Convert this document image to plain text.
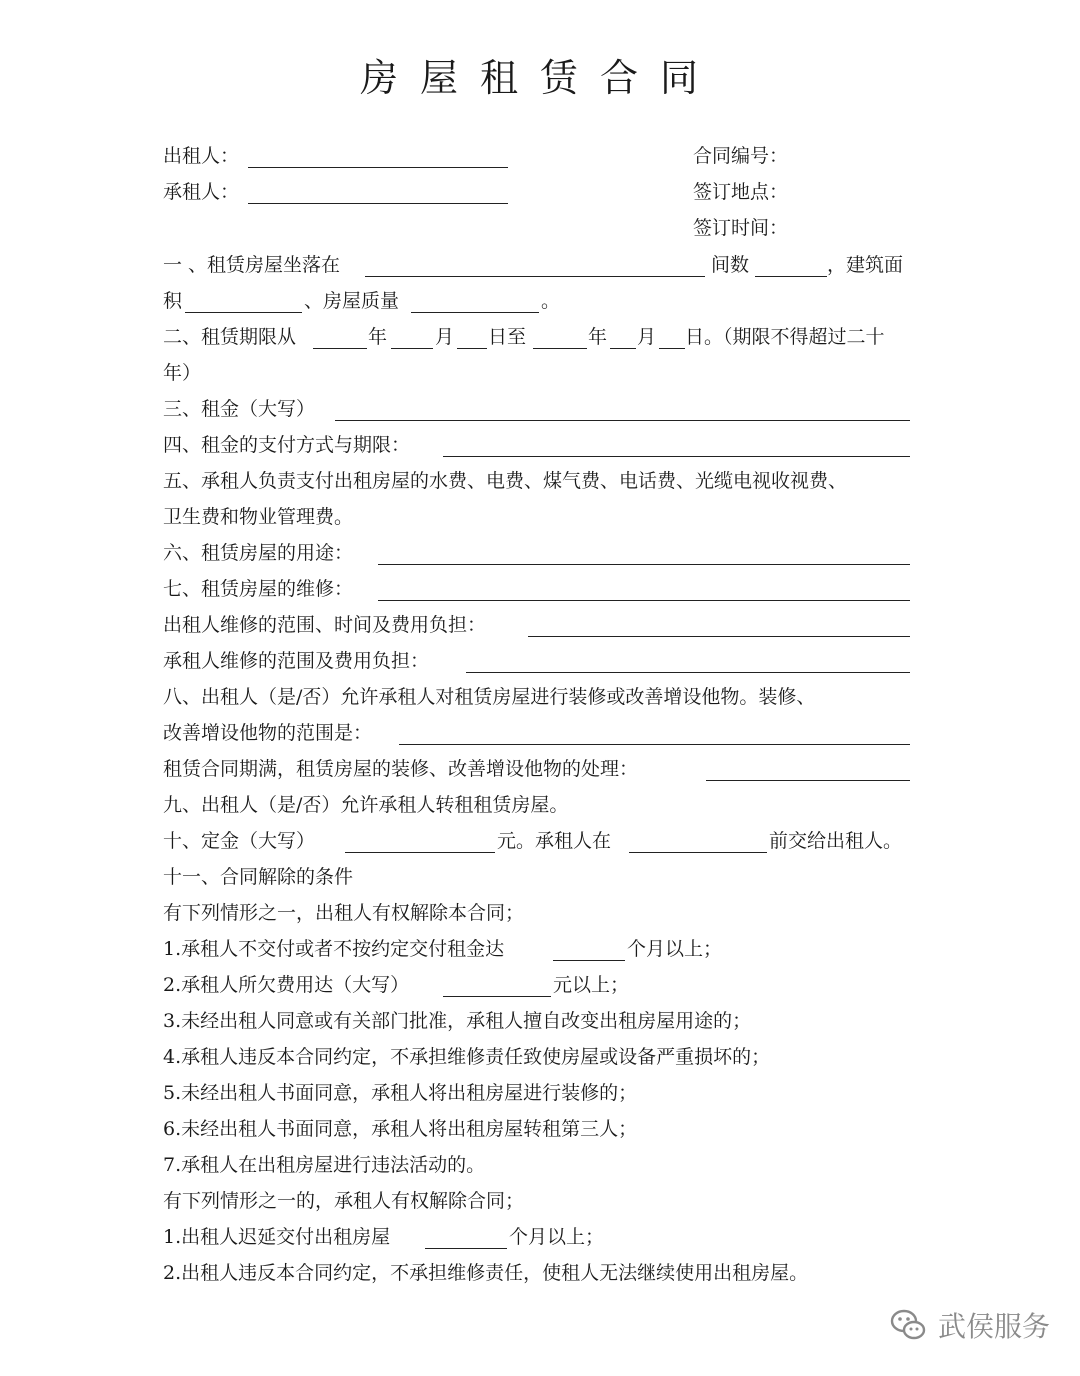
房屋租赁合同
出租人：	合同编号：
承租人：	签订地点：
签订时间：
一 、租赁房屋坐落在	间数	，建筑面
积	、房屋质量	。
二、租赁期限从	年	月 日至	年 月 日。（期限不得超过二十
年）
三、租金（大写）
四、租金的支付方式与期限：
五、承租人负责支付出租房屋的水费、电费、煤气费、电话费、光缆电视收视费、
卫生费和物业管理费。
六、租赁房屋的用途：
七、租赁房屋的维修：
出租人维修的范围、时间及费用负担：
承租人维修的范围及费用负担：
八、出租人（是/否）允许承租人对租赁房屋进行装修或改善增设他物。装修、
改善增设他物的范围是：
租赁合同期满，租赁房屋的装修、改善增设他物的处理：
九、出租人（是/否）允许承租人转租租赁房屋。
十、定金（大写）	元。承租人在	前交给出租人。
十一、合同解除的条件
有下列情形之一，出租人有权解除本合同；
1.承租人不交付或者不按约定交付租金达	个月以上；
2.承租人所欠费用达（大写）	元以上；
3.未经出租人同意或有关部门批准，承租人擅自改变出租房屋用途的；
4.承租人违反本合同约定，不承担维修责任致使房屋或设备严重损坏的；
5.未经出租人书面同意，承租人将出租房屋进行装修的；
6.未经出租人书面同意，承租人将出租房屋转租第三人；
7.承租人在出租房屋进行违法活动的。
有下列情形之一的，承租人有权解除合同；
1.出租人迟延交付出租房屋	个月以上；
2.出租人违反本合同约定，不承担维修责任，使租人无法继续使用出租房屋。
武侯服务
